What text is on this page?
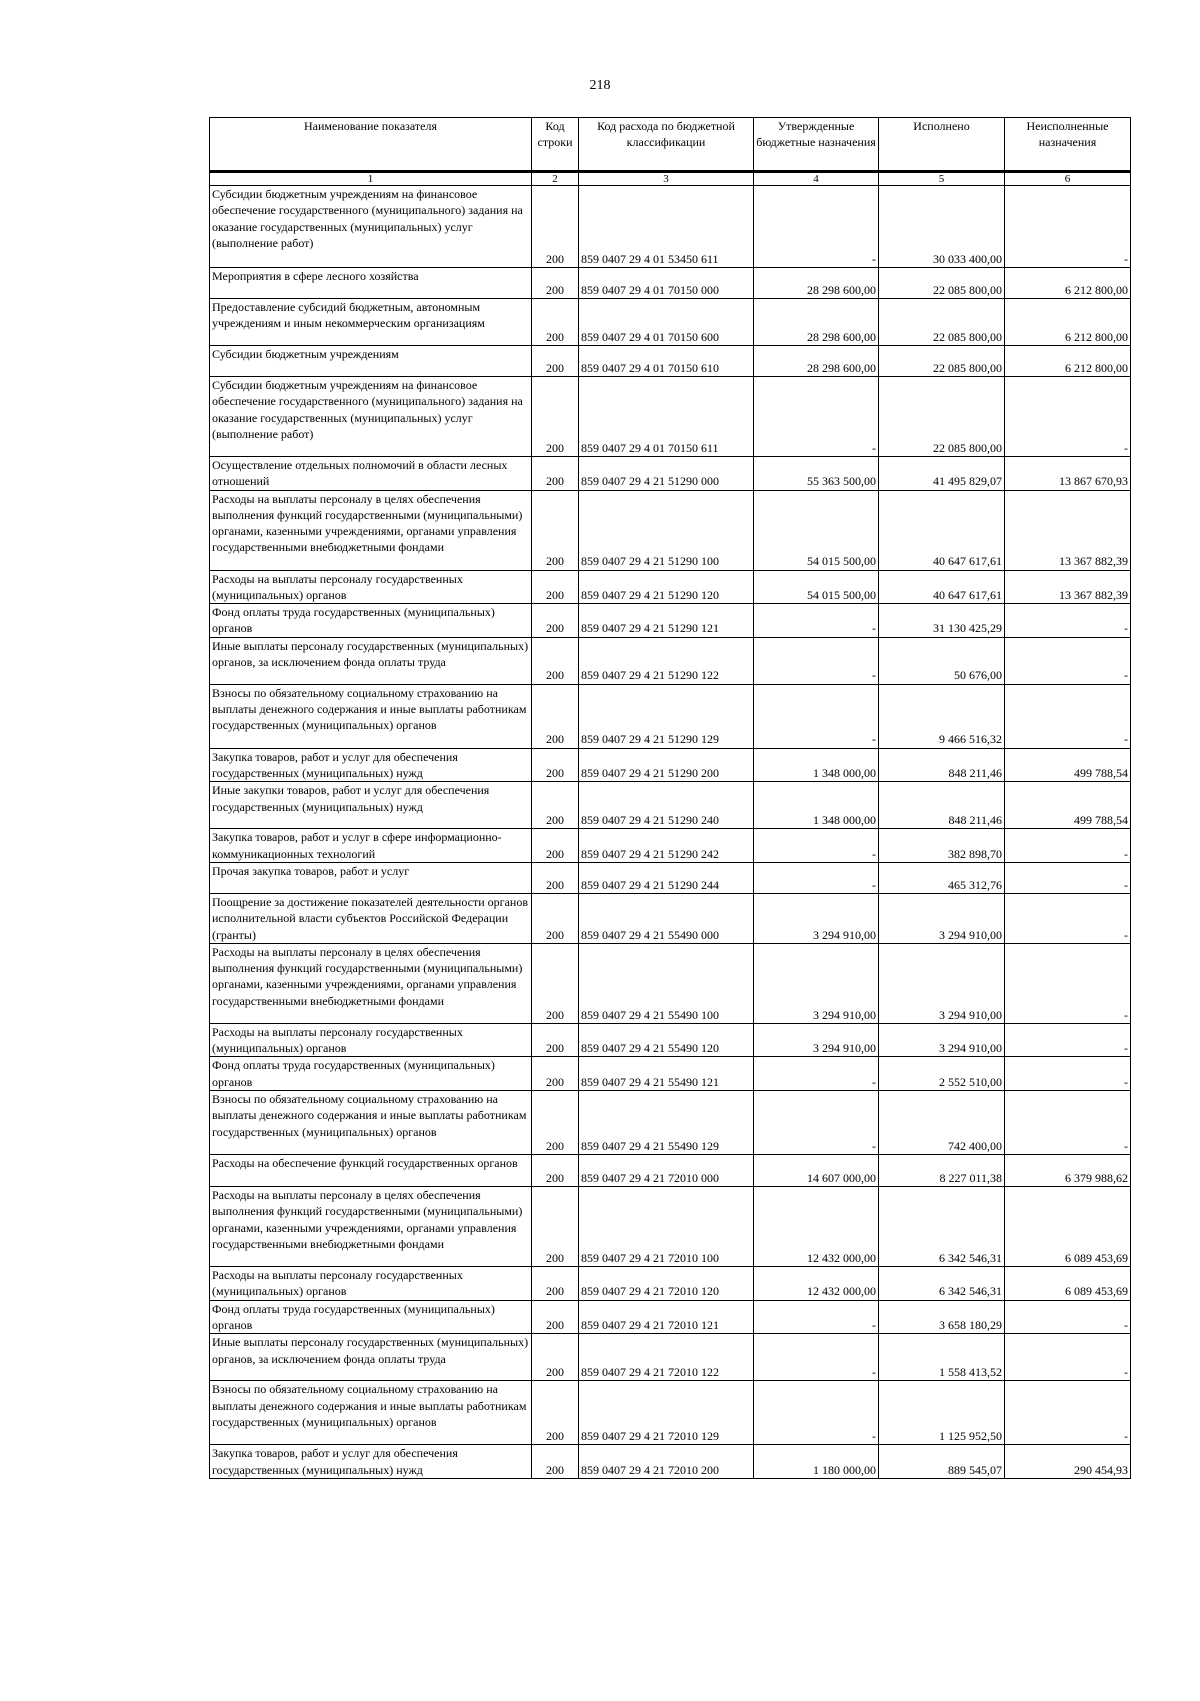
218
Наименование показателя	Код строки	Код расхода по бюджетной классификации	Утвержденные бюджетные назначения	Исполнено	Неисполненные назначения
1	2	3	4	5	6
Субсидии бюджетным учреждениям на финансовое обеспечение государственного (муниципального) задания на оказание государственных (муниципальных) услуг (выполнение работ)	200	859 0407 29 4 01 53450 611	-	30 033 400,00	-
Мероприятия в сфере лесного хозяйства	200	859 0407 29 4 01 70150 000	28 298 600,00	22 085 800,00	6 212 800,00
Предоставление субсидий бюджетным, автономным учреждениям и иным некоммерческим организациям	200	859 0407 29 4 01 70150 600	28 298 600,00	22 085 800,00	6 212 800,00
Субсидии бюджетным учреждениям	200	859 0407 29 4 01 70150 610	28 298 600,00	22 085 800,00	6 212 800,00
Субсидии бюджетным учреждениям на финансовое обеспечение государственного (муниципального) задания на оказание государственных (муниципальных) услуг (выполнение работ)	200	859 0407 29 4 01 70150 611	-	22 085 800,00	-
Осуществление отдельных полномочий в области лесных отношений	200	859 0407 29 4 21 51290 000	55 363 500,00	41 495 829,07	13 867 670,93
Расходы на выплаты персоналу в целях обеспечения выполнения функций государственными (муниципальными) органами, казенными учреждениями, органами управления государственными внебюджетными фондами	200	859 0407 29 4 21 51290 100	54 015 500,00	40 647 617,61	13 367 882,39
Расходы на выплаты персоналу государственных (муниципальных) органов	200	859 0407 29 4 21 51290 120	54 015 500,00	40 647 617,61	13 367 882,39
Фонд оплаты труда государственных (муниципальных) органов	200	859 0407 29 4 21 51290 121	-	31 130 425,29	-
Иные выплаты персоналу государственных (муниципальных) органов, за исключением фонда оплаты труда	200	859 0407 29 4 21 51290 122	-	50 676,00	-
Взносы по обязательному социальному страхованию на выплаты денежного содержания и иные выплаты работникам государственных (муниципальных) органов	200	859 0407 29 4 21 51290 129	-	9 466 516,32	-
Закупка товаров, работ и услуг для обеспечения государственных (муниципальных) нужд	200	859 0407 29 4 21 51290 200	1 348 000,00	848 211,46	499 788,54
Иные закупки товаров, работ и услуг для обеспечения государственных (муниципальных) нужд	200	859 0407 29 4 21 51290 240	1 348 000,00	848 211,46	499 788,54
Закупка товаров, работ и услуг в сфере информационно-коммуникационных технологий	200	859 0407 29 4 21 51290 242	-	382 898,70	-
Прочая закупка товаров, работ и услуг	200	859 0407 29 4 21 51290 244	-	465 312,76	-
Поощрение за достижение показателей деятельности органов исполнительной власти субъектов Российской Федерации (гранты)	200	859 0407 29 4 21 55490 000	3 294 910,00	3 294 910,00	-
Расходы на выплаты персоналу в целях обеспечения выполнения функций государственными (муниципальными) органами, казенными учреждениями, органами управления государственными внебюджетными фондами	200	859 0407 29 4 21 55490 100	3 294 910,00	3 294 910,00	-
Расходы на выплаты персоналу государственных (муниципальных) органов	200	859 0407 29 4 21 55490 120	3 294 910,00	3 294 910,00	-
Фонд оплаты труда государственных (муниципальных) органов	200	859 0407 29 4 21 55490 121	-	2 552 510,00	-
Взносы по обязательному социальному страхованию на выплаты денежного содержания и иные выплаты работникам государственных (муниципальных) органов	200	859 0407 29 4 21 55490 129	-	742 400,00	-
Расходы на обеспечение функций государственных органов	200	859 0407 29 4 21 72010 000	14 607 000,00	8 227 011,38	6 379 988,62
Расходы на выплаты персоналу в целях обеспечения выполнения функций государственными (муниципальными) органами, казенными учреждениями, органами управления государственными внебюджетными фондами	200	859 0407 29 4 21 72010 100	12 432 000,00	6 342 546,31	6 089 453,69
Расходы на выплаты персоналу государственных (муниципальных) органов	200	859 0407 29 4 21 72010 120	12 432 000,00	6 342 546,31	6 089 453,69
Фонд оплаты труда государственных (муниципальных) органов	200	859 0407 29 4 21 72010 121	-	3 658 180,29	-
Иные выплаты персоналу государственных (муниципальных) органов, за исключением фонда оплаты труда	200	859 0407 29 4 21 72010 122	-	1 558 413,52	-
Взносы по обязательному социальному страхованию на выплаты денежного содержания и иные выплаты работникам государственных (муниципальных) органов	200	859 0407 29 4 21 72010 129	-	1 125 952,50	-
Закупка товаров, работ и услуг для обеспечения государственных (муниципальных) нужд	200	859 0407 29 4 21 72010 200	1 180 000,00	889 545,07	290 454,93
